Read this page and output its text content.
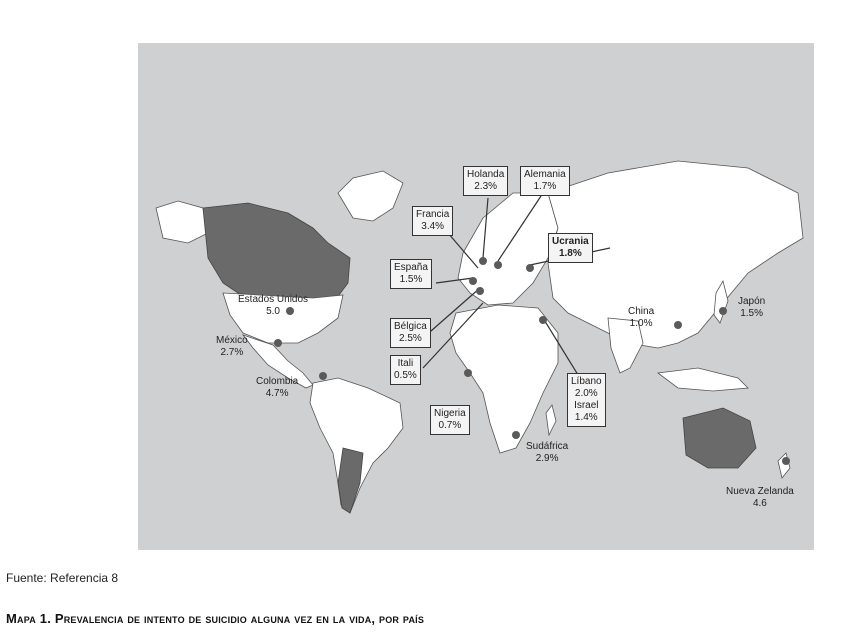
Holanda
2.3%
Alemania
1.7%
Francia
3.4%
Ucrania
1.8%
España
1.5%
Bélgica
2.5%
Itali
0.5%
Nigeria
0.7%
Líbano
2.0%
Israel
1.4%
Estados Unidos
5.0
México
2.7%
Colombia
4.7%
Sudáfrica
2.9%
China
1.0%
Japón
1.5%
Nueva Zelanda
4.6
Fuente: Referencia 8
Mapa 1. Prevalencia de intento de suicidio alguna vez en la vida, por país
